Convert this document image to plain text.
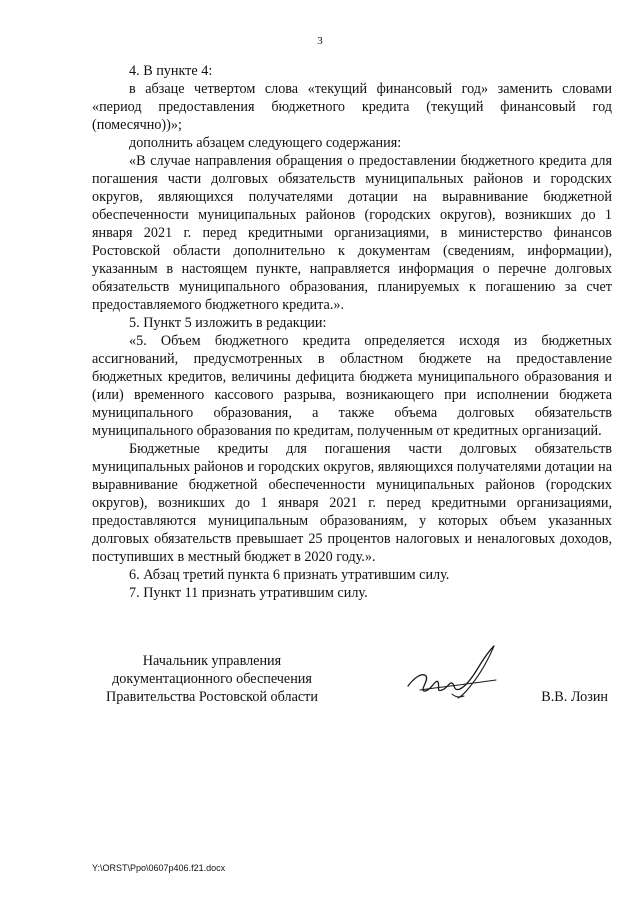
3

4. В пункте 4:

в абзаце четвертом слова «текущий финансовый год» заменить словами «период предоставления бюджетного кредита (текущий финансовый год (помесячно))»;

дополнить абзацем следующего содержания:

«В случае направления обращения о предоставлении бюджетного кредита для погашения части долговых обязательств муниципальных районов и городских округов, являющихся получателями дотации на выравнивание бюджетной обеспеченности муниципальных районов (городских округов), возникших до 1 января 2021 г. перед кредитными организациями, в министерство финансов Ростовской области дополнительно к документам (сведениям, информации), указанным в настоящем пункте, направляется информация о перечне долговых обязательств муниципального образования, планируемых к погашению за счет предоставляемого бюджетного кредита.».

5. Пункт 5 изложить в редакции:

«5. Объем бюджетного кредита определяется исходя из бюджетных ассигнований, предусмотренных в областном бюджете на предоставление бюджетных кредитов, величины дефицита бюджета муниципального образования и (или) временного кассового разрыва, возникающего при исполнении бюджета муниципального образования, а также объема долговых обязательств муниципального образования по кредитам, полученным от кредитных организаций.

Бюджетные кредиты для погашения части долговых обязательств муниципальных районов и городских округов, являющихся получателями дотации на выравнивание бюджетной обеспеченности муниципальных районов (городских округов), возникших до 1 января 2021 г. перед кредитными организациями, предоставляются муниципальным образованиям, у которых объем указанных долговых обязательств превышает 25 процентов налоговых и неналоговых доходов, поступивших в местный бюджет в 2020 году.».

6. Абзац третий пункта 6 признать утратившим силу.

7. Пункт 11 признать утратившим силу.

Начальник управления
документационного обеспечения
Правительства Ростовской области	В.В. Лозин
Y:\ORST\Ppo\0607p406.f21.docx
